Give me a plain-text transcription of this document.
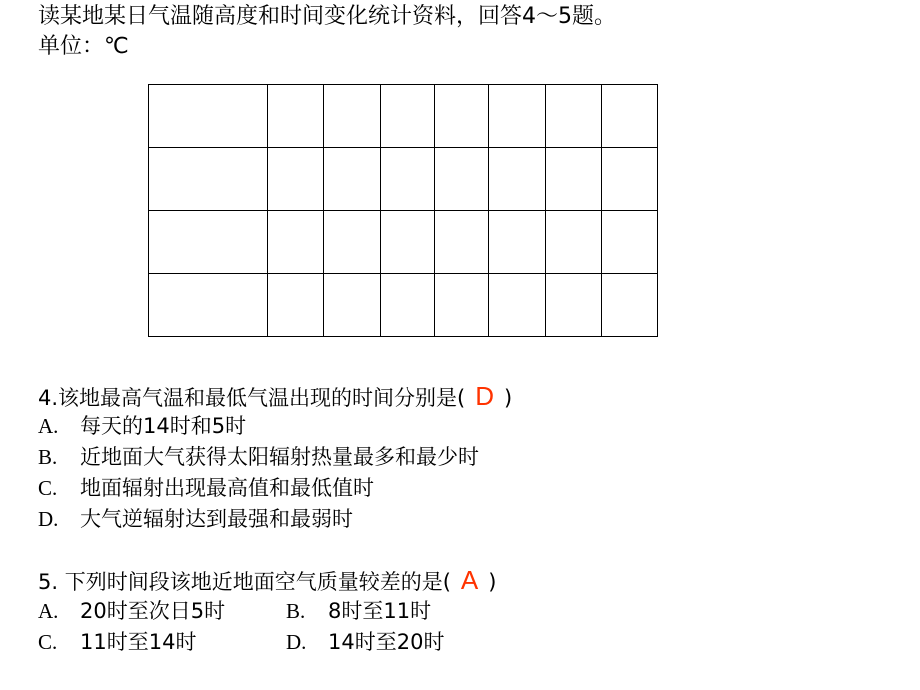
读某地某日气温随高度和时间变化统计资料，回答4～5题。
单位：℃

4.该地最高气温和最低气温出现的时间分别是( D )
A. 每天的14时和5时
B. 近地面大气获得太阳辐射热量最多和最少时
C. 地面辐射出现最高值和最低值时
D. 大气逆辐射达到最强和最弱时
5. 下列时间段该地近地面空气质量较差的是( A )
A. 20时至次日5时	B. 8时至11时
C. 11时至14时	D. 14时至20时
